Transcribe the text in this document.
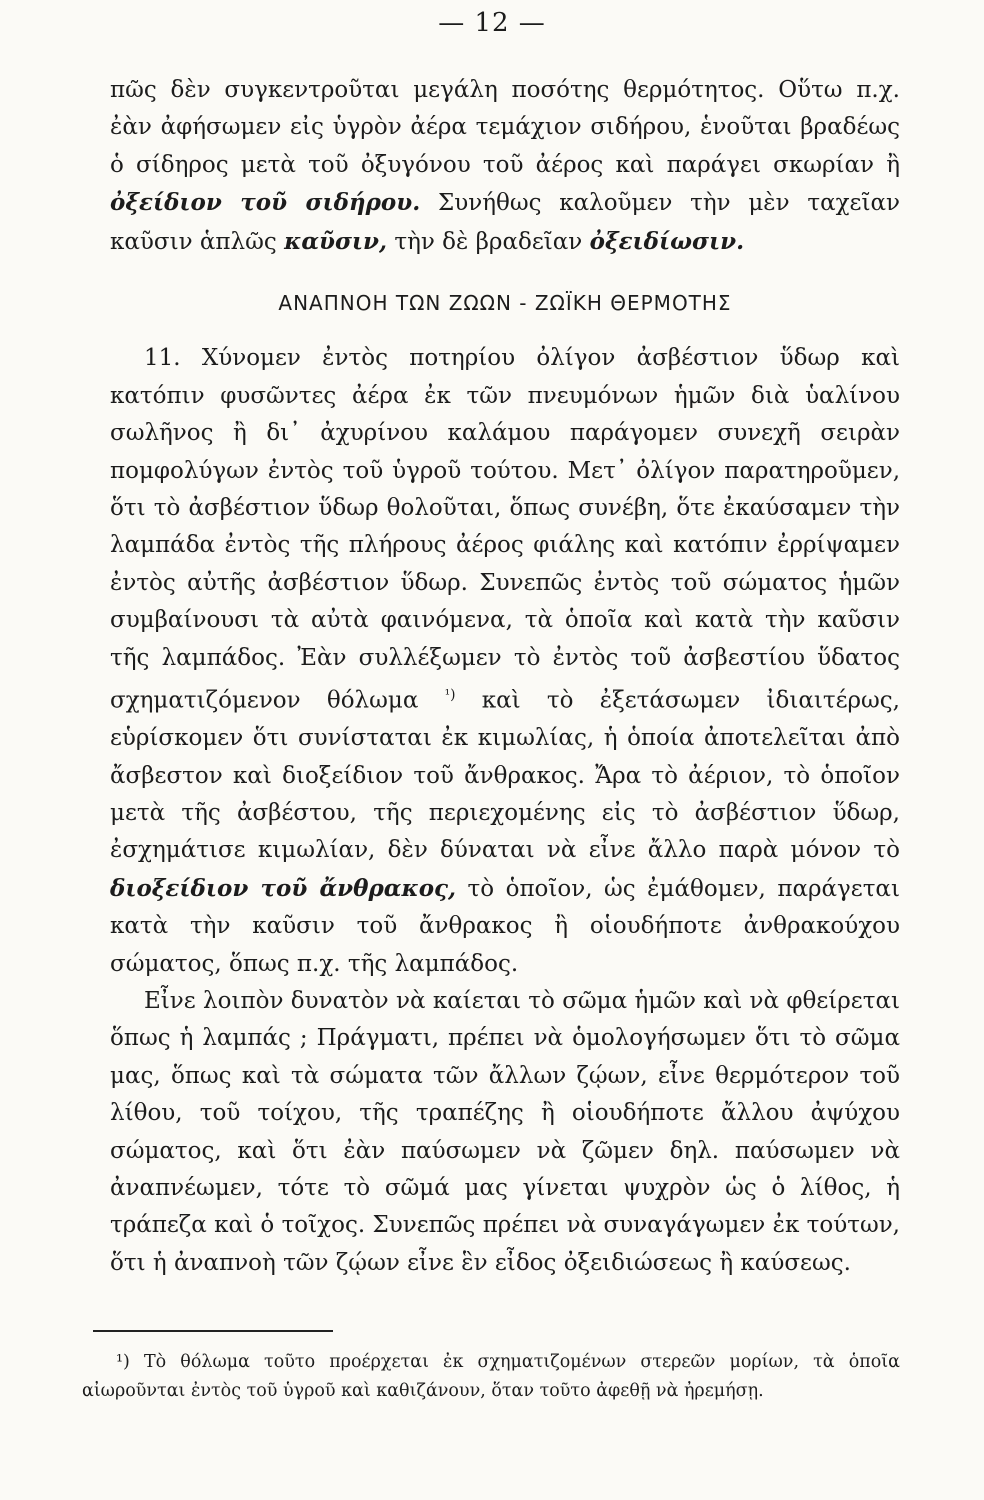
— 12 —

πῶς δὲν συγκεντροῦται μεγάλη ποσότης θερμότητος. Οὕτω π.χ. ἐὰν ἀφήσωμεν εἰς ὑγρὸν ἀέρα τεμάχιον σιδήρου, ἑνοῦται βραδέως ὁ σίδηρος μετὰ τοῦ ὀξυγόνου τοῦ ἀέρος καὶ παράγει σκωρίαν ἢ ὀξείδιον τοῦ σιδήρου. Συνήθως καλοῦμεν τὴν μὲν ταχεῖαν καῦσιν ἁπλῶς καῦσιν, τὴν δὲ βραδεῖαν ὀξειδίωσιν.

ΑΝΑΠΝΟΗ ΤΩΝ ΖΩΩΝ - ΖΩΪΚΗ ΘΕΡΜΟΤΗΣ

11. Χύνομεν ἐντὸς ποτηρίου ὀλίγον ἀσβέστιον ὕδωρ καὶ κατόπιν φυσῶντες ἀέρα ἐκ τῶν πνευμόνων ἡμῶν διὰ ὑαλίνου σωλῆνος ἢ δι᾽ ἀχυρίνου καλάμου παράγομεν συνεχῆ σειρὰν πομφολύγων ἐντὸς τοῦ ὑγροῦ τούτου. Μετ᾽ ὀλίγον παρατηροῦμεν, ὅτι τὸ ἀσβέστιον ὕδωρ θολοῦται, ὅπως συνέβη, ὅτε ἐκαύσαμεν τὴν λαμπάδα ἐντὸς τῆς πλήρους ἀέρος φιάλης καὶ κατόπιν ἐρρίψαμεν ἐντὸς αὐτῆς ἀσβέστιον ὕδωρ. Συνεπῶς ἐντὸς τοῦ σώματος ἡμῶν συμβαίνουσι τὰ αὐτὰ φαινόμενα, τὰ ὁποῖα καὶ κατὰ τὴν καῦσιν τῆς λαμπάδος. Ἐὰν συλλέξωμεν τὸ ἐντὸς τοῦ ἀσβεστίου ὕδατος σχηματιζόμενον θόλωμα $^{^1)}$ καὶ τὸ ἐξετάσωμεν ἰδιαιτέρως, εὑρίσκομεν ὅτι συνίσταται ἐκ κιμωλίας, ἡ ὁποία ἀποτελεῖται ἀπὸ ἄσβεστον καὶ διοξείδιον τοῦ ἄνθρακος. Ἄρα τὸ ἀέριον, τὸ ὁποῖον μετὰ τῆς ἀσβέστου, τῆς περιεχομένης εἰς τὸ ἀσβέστιον ὕδωρ, ἐσχημάτισε κιμωλίαν, δὲν δύναται νὰ εἶνε ἄλλο παρὰ μόνον τὸ διοξείδιον τοῦ ἄνθρακος, τὸ ὁποῖον, ὡς ἐμάθομεν, παράγεται κατὰ τὴν καῦσιν τοῦ ἄνθρακος ἢ οἱουδήποτε ἀνθρακούχου σώματος, ὅπως π.χ. τῆς λαμπάδος.

Εἶνε λοιπὸν δυνατὸν νὰ καίεται τὸ σῶμα ἡμῶν καὶ νὰ φθείρεται ὅπως ἡ λαμπάς ; Πράγματι, πρέπει νὰ ὁμολογήσωμεν ὅτι τὸ σῶμα μας, ὅπως καὶ τὰ σώματα τῶν ἄλλων ζῴων, εἶνε θερμότερον τοῦ λίθου, τοῦ τοίχου, τῆς τραπέζης ἢ οἱουδήποτε ἄλλου ἀψύχου σώματος, καὶ ὅτι ἐὰν παύσωμεν νὰ ζῶμεν δηλ. παύσωμεν νὰ ἀναπνέωμεν, τότε τὸ σῶμά μας γίνεται ψυχρὸν ὡς ὁ λίθος, ἡ τράπεζα καὶ ὁ τοῖχος. Συνεπῶς πρέπει νὰ συναγάγωμεν ἐκ τούτων, ὅτι ἡ ἀναπνοὴ τῶν ζῴων εἶνε ἓν εἶδος ὀξειδιώσεως ἢ καύσεως.

¹) Τὸ θόλωμα τοῦτο προέρχεται ἐκ σχηματιζομένων στερεῶν μορίων, τὰ ὁποῖα αἰωροῦνται ἐντὸς τοῦ ὑγροῦ καὶ καθιζάνουν, ὅταν τοῦτο ἀφεθῇ νὰ ἠρεμήσῃ.
